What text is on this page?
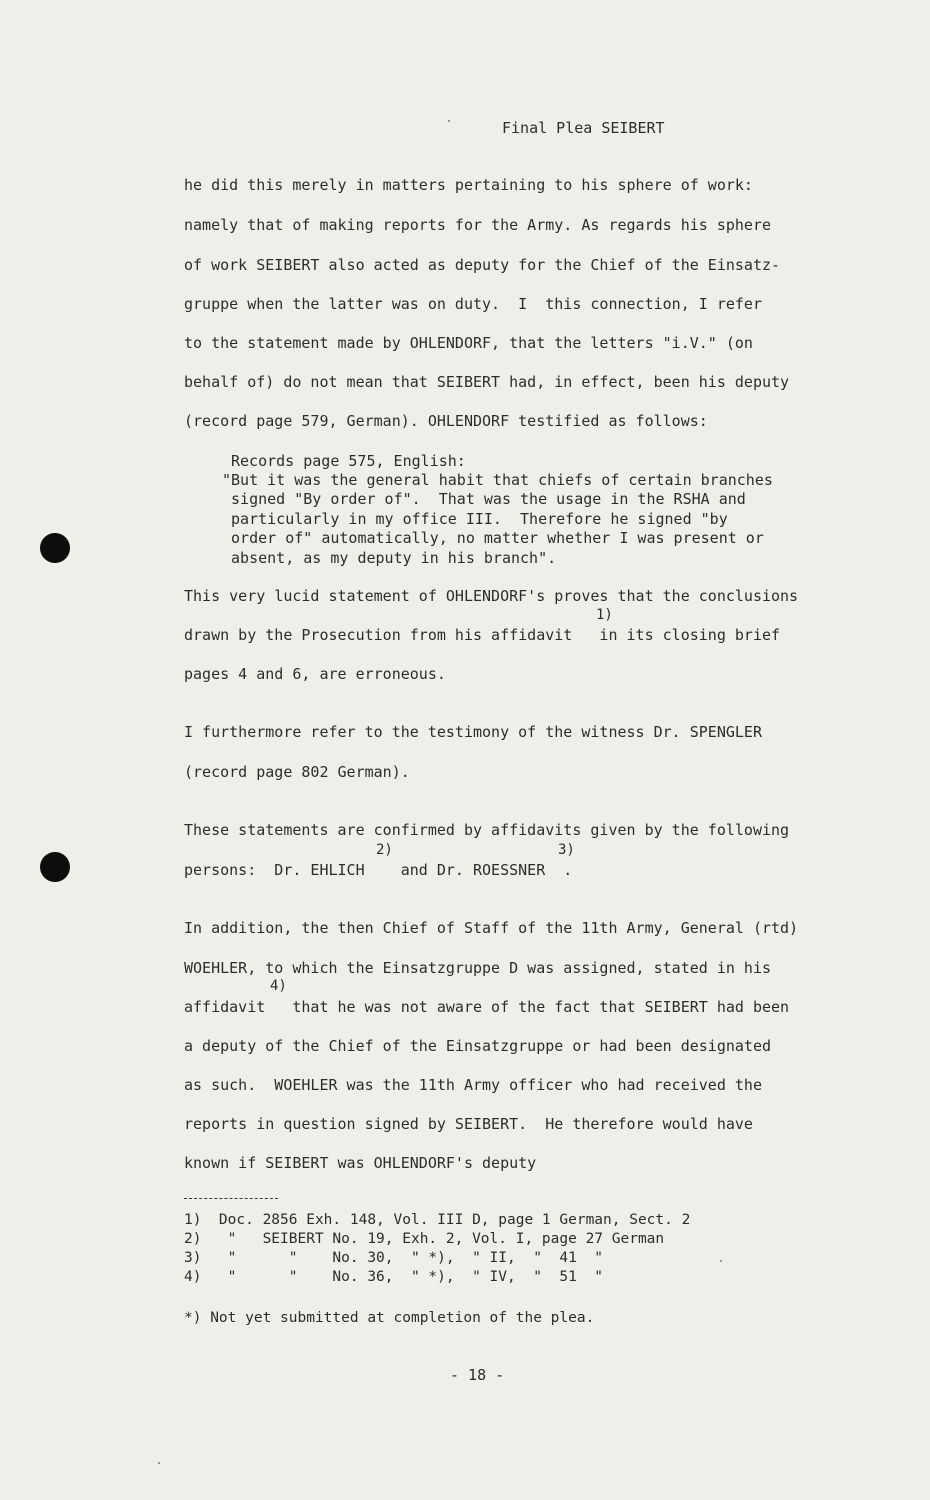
Final Plea SEIBERT
he did this merely in matters pertaining to his sphere of work:
namely that of making reports for the Army. As regards his sphere
of work SEIBERT also acted as deputy for the Chief of the Einsatz-
gruppe when the latter was on duty.  I  this connection, I refer
to the statement made by OHLENDORF, that the letters "i.V." (on
behalf of) do not mean that SEIBERT had, in effect, been his deputy
(record page 579, German). OHLENDORF testified as follows:
Records page 575, English:
"But it was the general habit that chiefs of certain branches
signed "By order of".  That was the usage in the RSHA and
particularly in my office III.  Therefore he signed "by
order of" automatically, no matter whether I was present or
absent, as my deputy in his branch".
This very lucid statement of OHLENDORF's proves that the conclusions
1)
drawn by the Prosecution from his affidavit   in its closing brief
pages 4 and 6, are erroneous.
I furthermore refer to the testimony of the witness Dr. SPENGLER
(record page 802 German).
These statements are confirmed by affidavits given by the following
2)	3)
persons:  Dr. EHLICH    and Dr. ROESSNER  .
In addition, the then Chief of Staff of the 11th Army, General (rtd)
WOEHLER, to which the Einsatzgruppe D was assigned, stated in his
4)
affidavit   that he was not aware of the fact that SEIBERT had been
a deputy of the Chief of the Einsatzgruppe or had been designated
as such.  WOEHLER was the 11th Army officer who had received the
reports in question signed by SEIBERT.  He therefore would have
known if SEIBERT was OHLENDORF's deputy
1)  Doc. 2856 Exh. 148, Vol. III D, page 1 German, Sect. 2
2)   "   SEIBERT No. 19, Exh. 2, Vol. I, page 27 German
3)   "      "    No. 30,  " *),  " II,  "  41  "
4)   "      "    No. 36,  " *),  " IV,  "  51  "
*) Not yet submitted at completion of the plea.
- 18 -
